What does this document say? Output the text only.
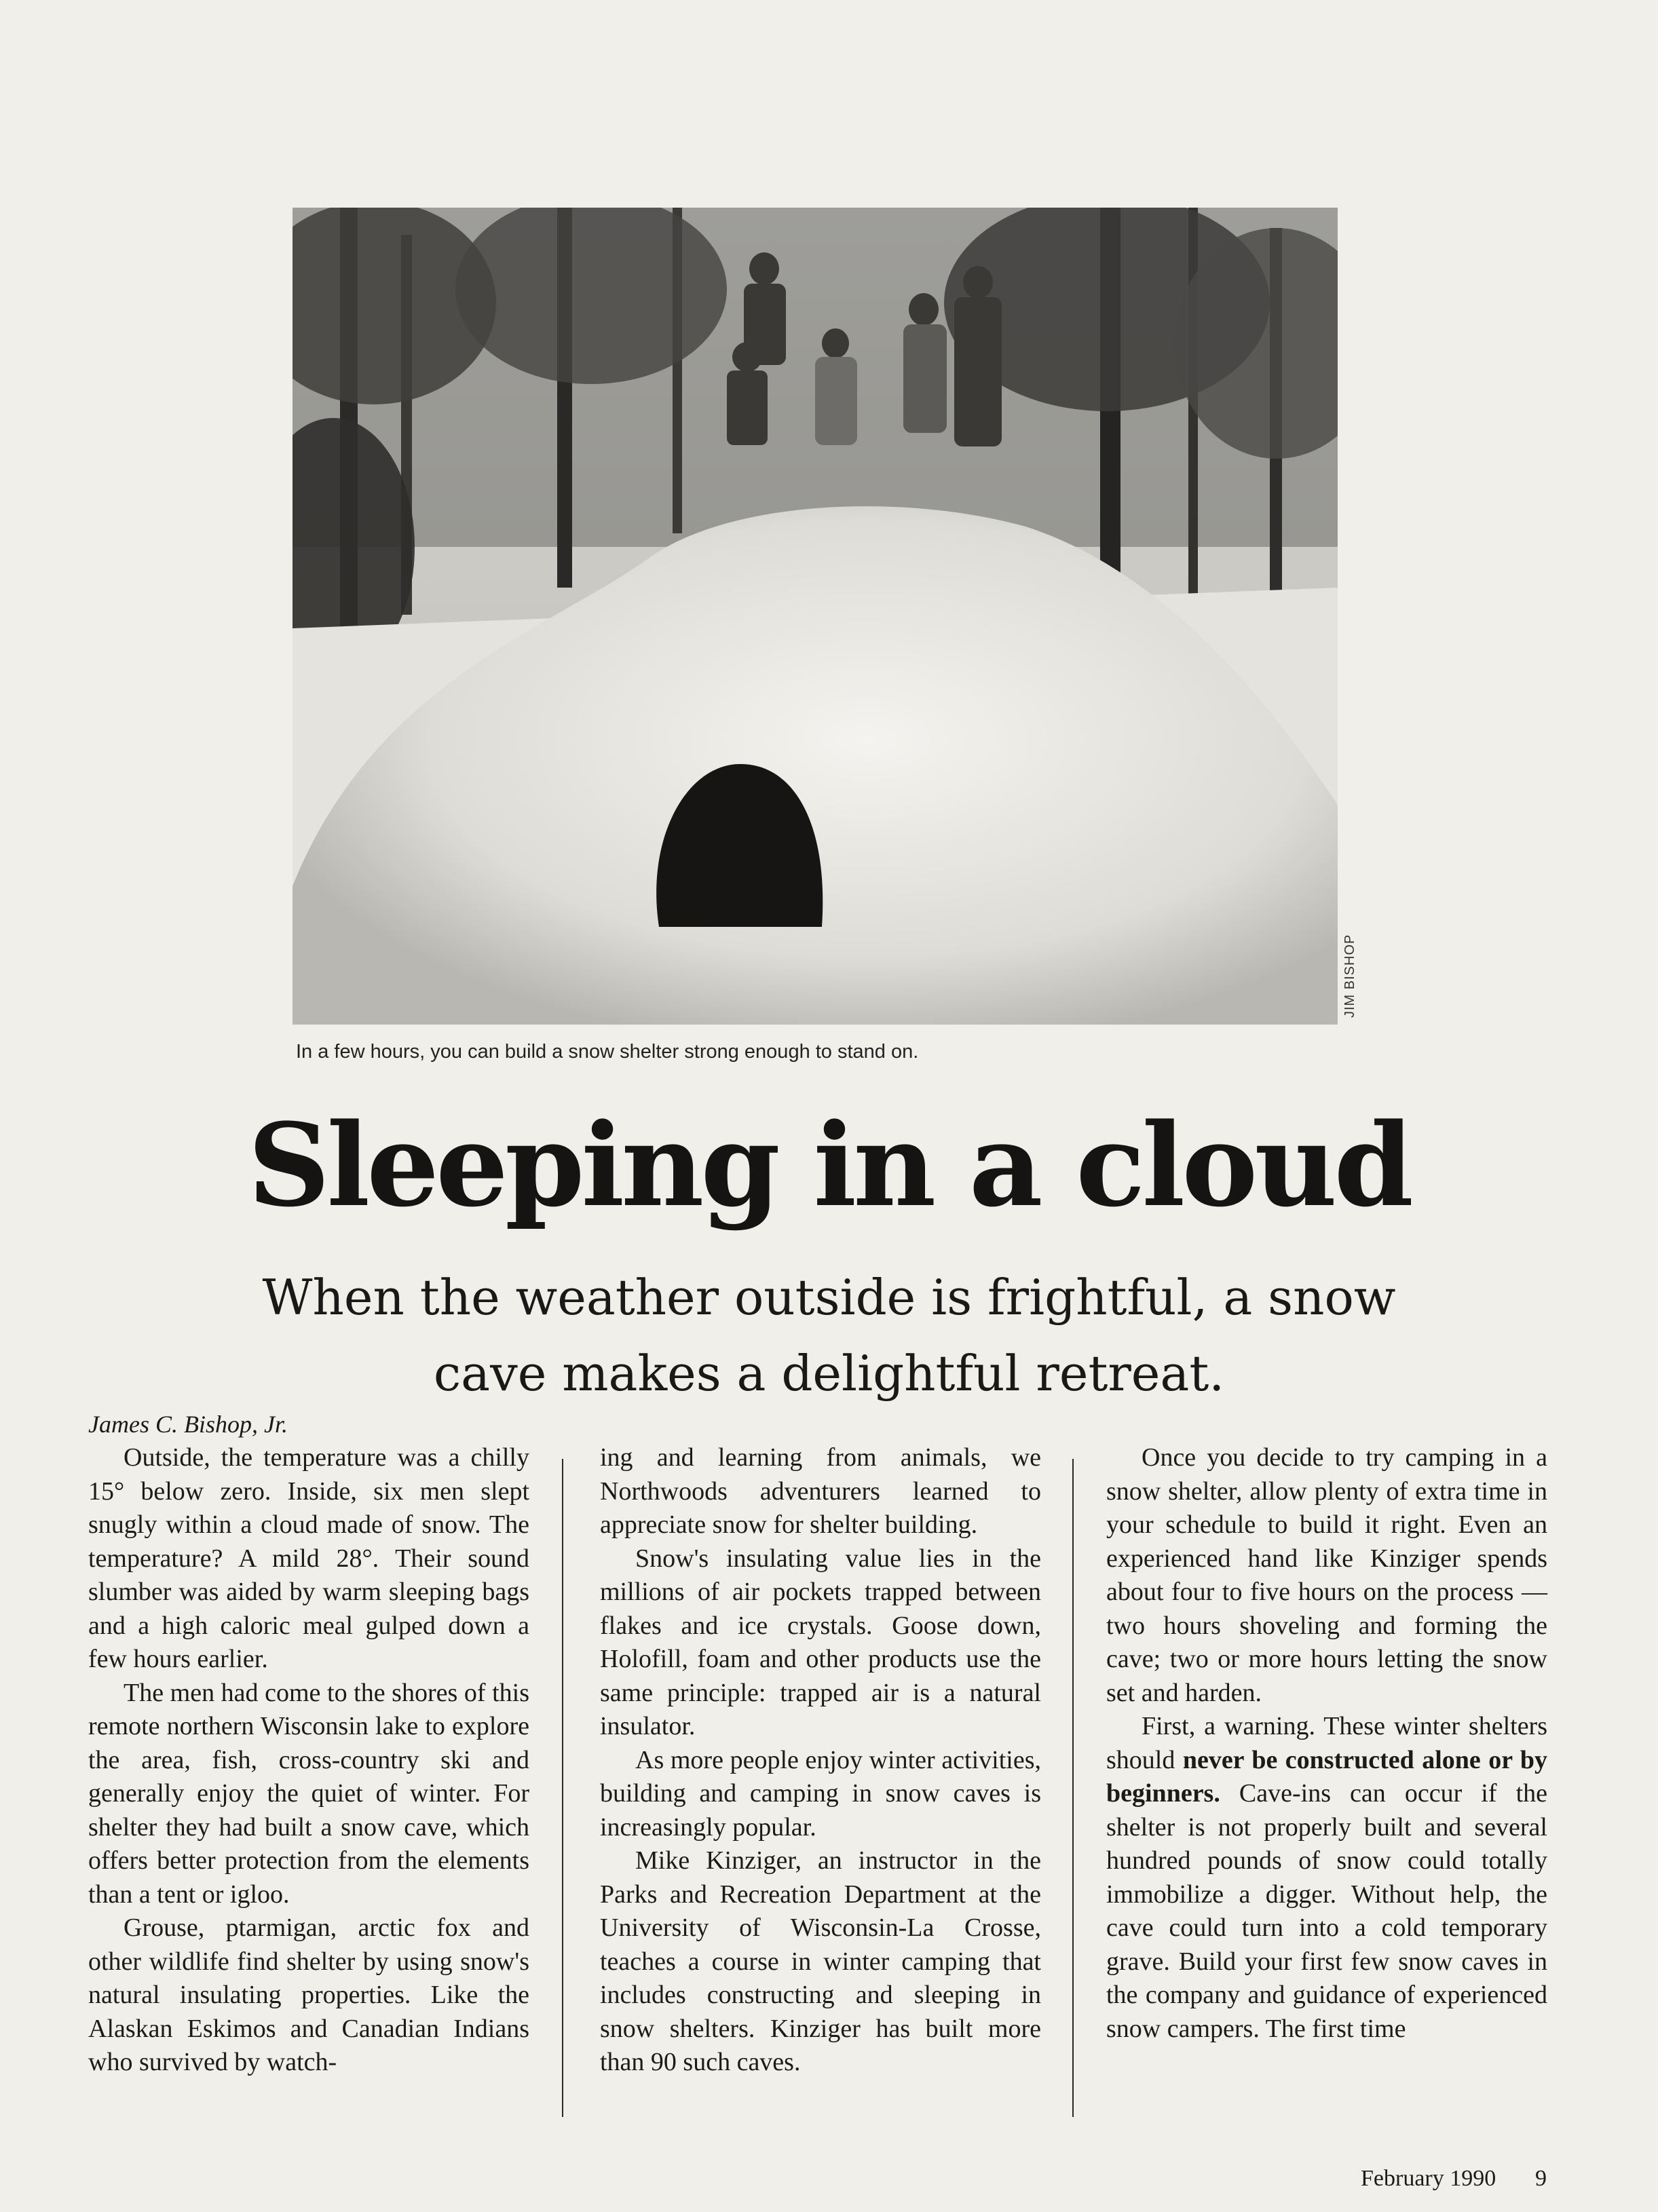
JIM BISHOP
In a few hours, you can build a snow shelter strong enough to stand on.
Sleeping in a cloud
When the weather outside is frightful, a snow
cave makes a delightful retreat.
James C. Bishop, Jr.

Outside, the temperature was a chilly 15° below zero. Inside, six men slept snugly within a cloud made of snow. The temperature? A mild 28°. Their sound slumber was aided by warm sleeping bags and a high caloric meal gulped down a few hours earlier.

The men had come to the shores of this remote northern Wisconsin lake to explore the area, fish, cross-country ski and generally enjoy the quiet of winter. For shelter they had built a snow cave, which offers better protection from the elements than a tent or igloo.

Grouse, ptarmigan, arctic fox and other wildlife find shelter by using snow's natural insulating properties. Like the Alaskan Eskimos and Canadian Indians who survived by watch-

ing and learning from animals, we Northwoods adventurers learned to appreciate snow for shelter building.

Snow's insulating value lies in the millions of air pockets trapped between flakes and ice crystals. Goose down, Holofill, foam and other products use the same principle: trapped air is a natural insulator.

As more people enjoy winter activities, building and camping in snow caves is increasingly popular.

Mike Kinziger, an instructor in the Parks and Recreation Department at the University of Wisconsin-La Crosse, teaches a course in winter camping that includes constructing and sleeping in snow shelters. Kinziger has built more than 90 such caves.

Once you decide to try camping in a snow shelter, allow plenty of extra time in your schedule to build it right. Even an experienced hand like Kinziger spends about four to five hours on the process — two hours shoveling and forming the cave; two or more hours letting the snow set and harden.

First, a warning. These winter shelters should never be constructed alone or by beginners. Cave-ins can occur if the shelter is not properly built and several hundred pounds of snow could totally immobilize a digger. Without help, the cave could turn into a cold temporary grave. Build your first few snow caves in the company and guidance of experienced snow campers. The first time

February 1990 9
